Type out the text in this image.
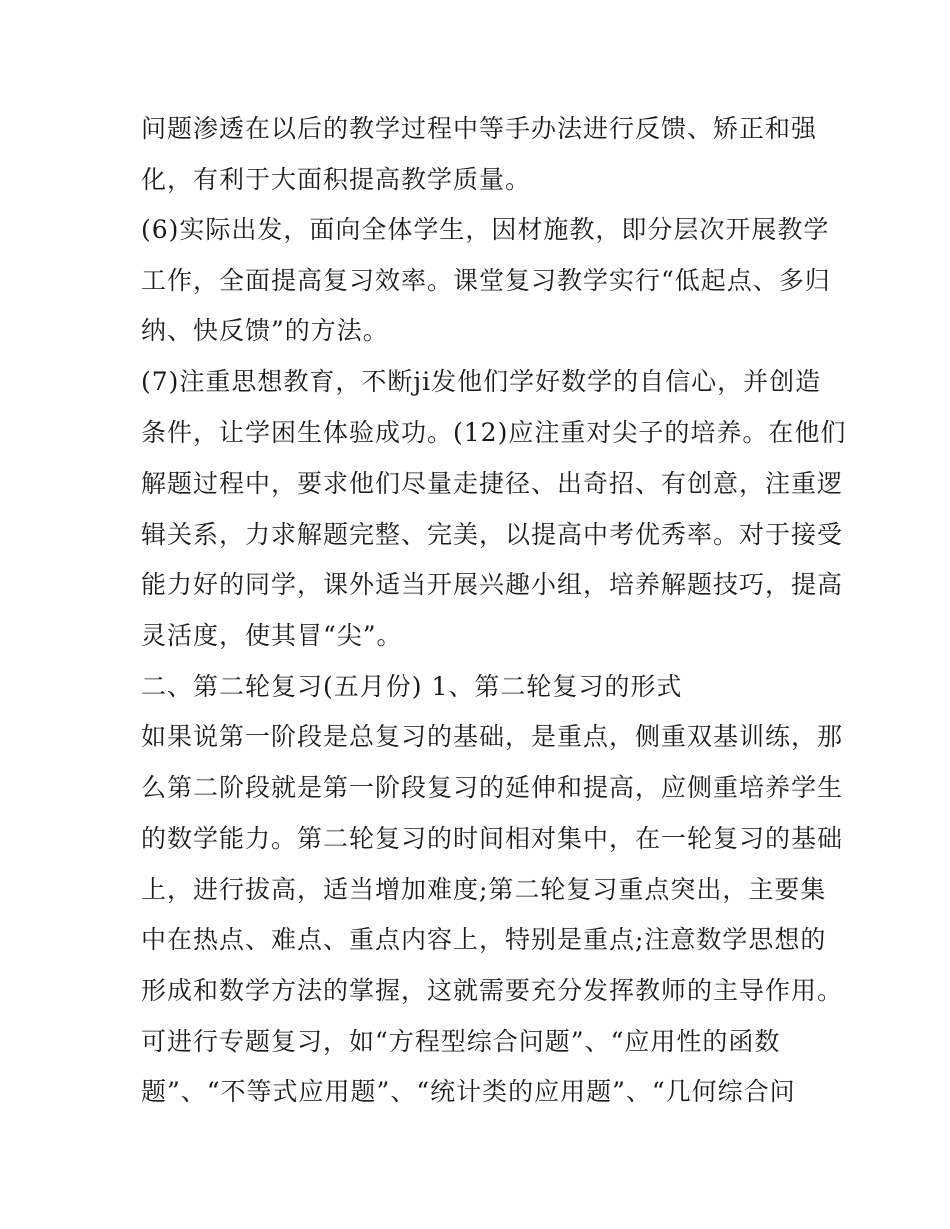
问题渗透在以后的教学过程中等手办法进行反馈、矫正和强
化，有利于大面积提高教学质量。
(6)实际出发，面向全体学生，因材施教，即分层次开展教学
工作，全面提高复习效率。课堂复习教学实行“低起点、多归
纳、快反馈”的方法。
(7)注重思想教育，不断ji发他们学好数学的自信心，并创造
条件，让学困生体验成功。(12)应注重对尖子的培养。在他们
解题过程中，要求他们尽量走捷径、出奇招、有创意，注重逻
辑关系，力求解题完整、完美，以提高中考优秀率。对于接受
能力好的同学，课外适当开展兴趣小组，培养解题技巧，提高
灵活度，使其冒“尖”。
二、第二轮复习(五月份) 1、第二轮复习的形式
如果说第一阶段是总复习的基础，是重点，侧重双基训练，那
么第二阶段就是第一阶段复习的延伸和提高，应侧重培养学生
的数学能力。第二轮复习的时间相对集中，在一轮复习的基础
上，进行拔高，适当增加难度;第二轮复习重点突出，主要集
中在热点、难点、重点内容上，特别是重点;注意数学思想的
形成和数学方法的掌握，这就需要充分发挥教师的主导作用。
可进行专题复习，如“方程型综合问题”、“应用性的函数
题”、“不等式应用题”、“统计类的应用题”、“几何综合问
